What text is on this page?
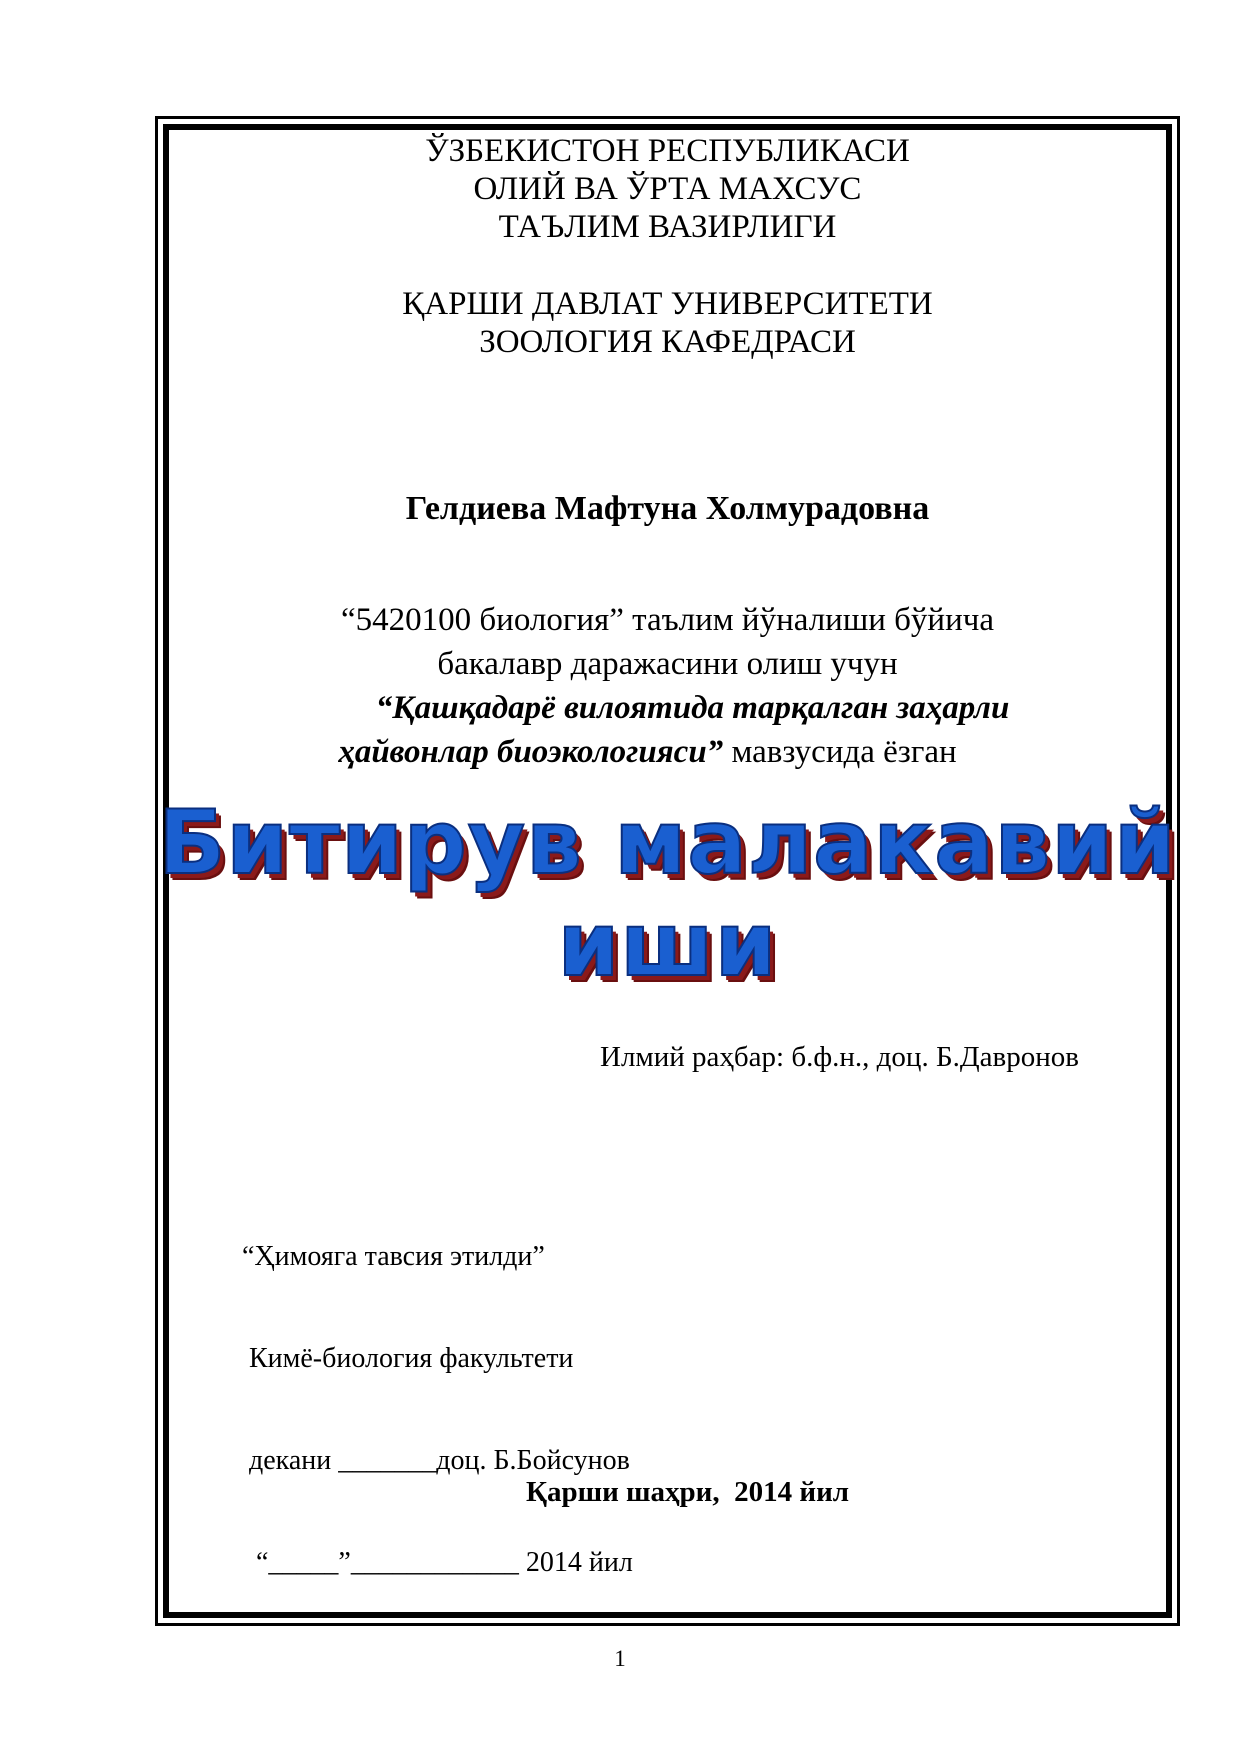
ЎЗБЕКИСТОН РЕСПУБЛИКАСИ
ОЛИЙ ВА ЎРТА МАХСУС
ТАЪЛИМ ВАЗИРЛИГИ
ҚАРШИ ДАВЛАТ УНИВЕРСИТЕТИ
ЗООЛОГИЯ КАФЕДРАСИ

Гелдиева Мафтуна Холмурадовна

“5420100 биология” таълим йўналиши бўйича
бакалавр даражасини олиш учун
“Қашқадарё вилоятида тарқалган заҳарли
ҳайвонлар биоэкологияси” мавзусида ёзган
Битирув малакавий
иши

Илмий раҳбар: б.ф.н., доц. Б.Давронов

“Ҳимояга тавсия этилди”

Кимё-биология факультети

декани _______доц. Б.Бойсунов

“_____”____________ 2014 йил

Қарши шаҳри,  2014 йил

1
